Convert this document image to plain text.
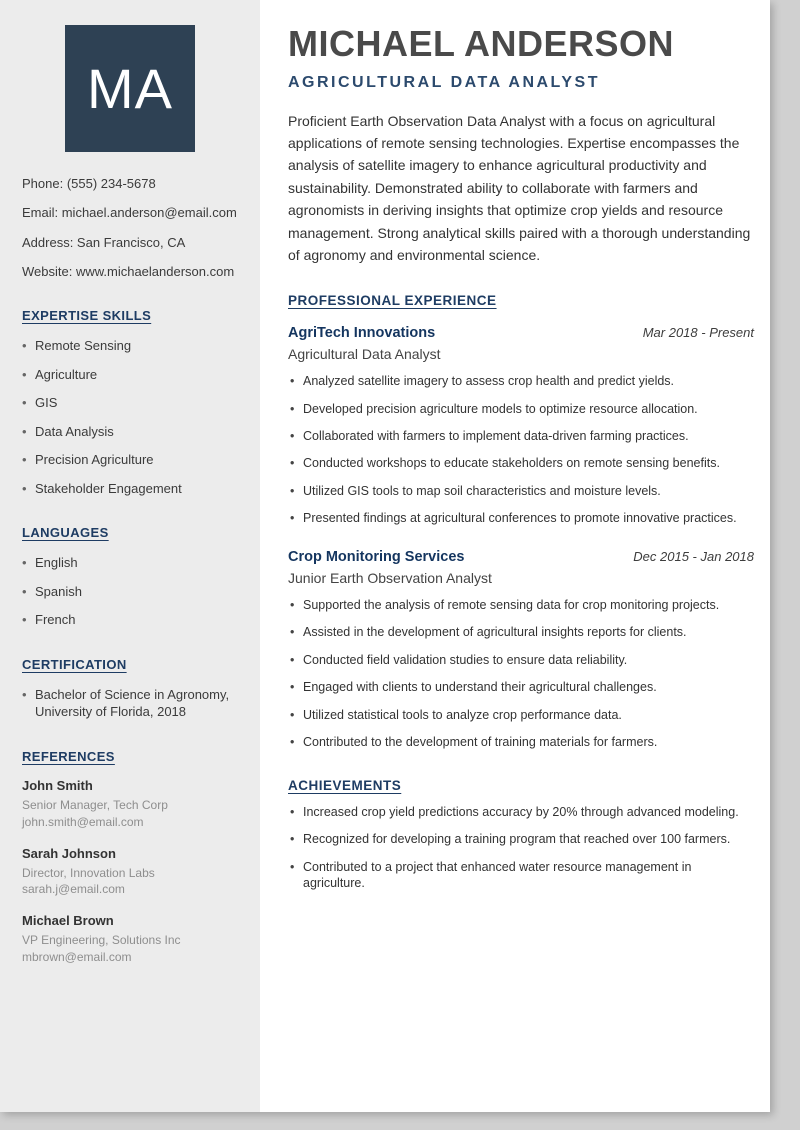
MA
Phone: (555) 234-5678
Email: michael.anderson@email.com
Address: San Francisco, CA
Website: www.michaelanderson.com
EXPERTISE SKILLS
• Remote Sensing
• Agriculture
• GIS
• Data Analysis
• Precision Agriculture
• Stakeholder Engagement
LANGUAGES
• English
• Spanish
• French
CERTIFICATION
• Bachelor of Science in Agronomy, University of Florida, 2018
REFERENCES
John Smith
Senior Manager, Tech Corp
john.smith@email.com
Sarah Johnson
Director, Innovation Labs
sarah.j@email.com
Michael Brown
VP Engineering, Solutions Inc
mbrown@email.com
MICHAEL ANDERSON
AGRICULTURAL DATA ANALYST

Proficient Earth Observation Data Analyst with a focus on agricultural applications of remote sensing technologies. Expertise encompasses the analysis of satellite imagery to enhance agricultural productivity and sustainability. Demonstrated ability to collaborate with farmers and agronomists in deriving insights that optimize crop yields and resource management. Strong analytical skills paired with a thorough understanding of agronomy and environmental science.

PROFESSIONAL EXPERIENCE
AgriTech Innovations	Mar 2018 - Present
Agricultural Data Analyst
• Analyzed satellite imagery to assess crop health and predict yields.
• Developed precision agriculture models to optimize resource allocation.
• Collaborated with farmers to implement data-driven farming practices.
• Conducted workshops to educate stakeholders on remote sensing benefits.
• Utilized GIS tools to map soil characteristics and moisture levels.
• Presented findings at agricultural conferences to promote innovative practices.
Crop Monitoring Services	Dec 2015 - Jan 2018
Junior Earth Observation Analyst
• Supported the analysis of remote sensing data for crop monitoring projects.
• Assisted in the development of agricultural insights reports for clients.
• Conducted field validation studies to ensure data reliability.
• Engaged with clients to understand their agricultural challenges.
• Utilized statistical tools to analyze crop performance data.
• Contributed to the development of training materials for farmers.
ACHIEVEMENTS
• Increased crop yield predictions accuracy by 20% through advanced modeling.
• Recognized for developing a training program that reached over 100 farmers.
• Contributed to a project that enhanced water resource management in agriculture.
